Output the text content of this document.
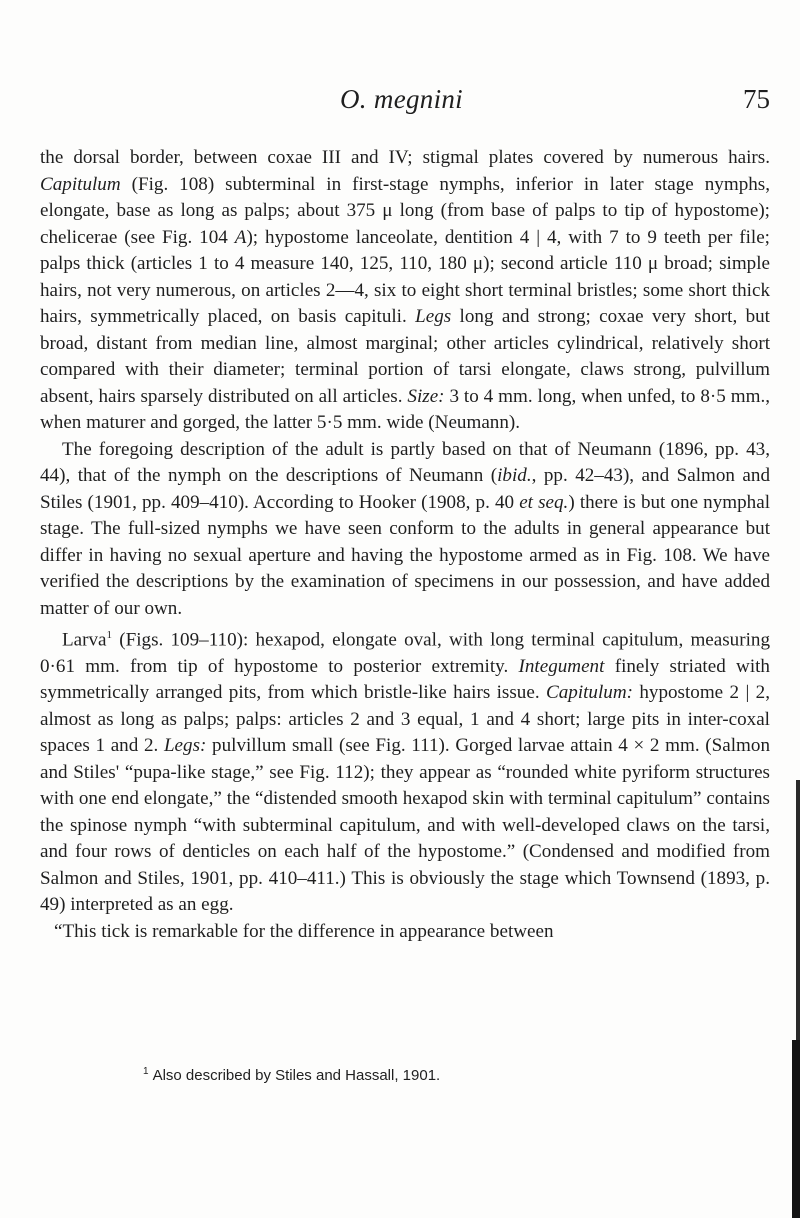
O. megnini	75

the dorsal border, between coxae III and IV; stigmal plates covered by numerous hairs. Capitulum (Fig. 108) subterminal in first-stage nymphs, inferior in later stage nymphs, elongate, base as long as palps; about 375 μ long (from base of palps to tip of hypostome); chelicerae (see Fig. 104 A); hypostome lanceolate, dentition 4 | 4, with 7 to 9 teeth per file; palps thick (articles 1 to 4 measure 140, 125, 110, 180 μ); second article 110 μ broad; simple hairs, not very numerous, on articles 2—4, six to eight short terminal bristles; some short thick hairs, symmetrically placed, on basis capituli. Legs long and strong; coxae very short, but broad, distant from median line, almost marginal; other articles cylindrical, relatively short compared with their diameter; terminal portion of tarsi elongate, claws strong, pulvillum absent, hairs sparsely distributed on all articles. Size: 3 to 4 mm. long, when unfed, to 8·5 mm., when maturer and gorged, the latter 5·5 mm. wide (Neumann).

The foregoing description of the adult is partly based on that of Neumann (1896, pp. 43, 44), that of the nymph on the descriptions of Neumann (ibid., pp. 42–43), and Salmon and Stiles (1901, pp. 409–410). According to Hooker (1908, p. 40 et seq.) there is but one nymphal stage. The full-sized nymphs we have seen conform to the adults in general appearance but differ in having no sexual aperture and having the hypostome armed as in Fig. 108. We have verified the descriptions by the examination of specimens in our possession, and have added matter of our own.

Larva$^1$ (Figs. 109–110): hexapod, elongate oval, with long terminal capitulum, measuring 0·61 mm. from tip of hypostome to posterior extremity. Integument finely striated with symmetrically arranged pits, from which bristle-like hairs issue. Capitulum: hypostome 2 | 2, almost as long as palps; palps: articles 2 and 3 equal, 1 and 4 short; large pits in inter-coxal spaces 1 and 2. Legs: pulvillum small (see Fig. 111). Gorged larvae attain 4 × 2 mm. (Salmon and Stiles' “pupa-like stage,” see Fig. 112); they appear as “rounded white pyriform structures with one end elongate,” the “distended smooth hexapod skin with terminal capitulum” contains the spinose nymph “with subterminal capitulum, and with well-developed claws on the tarsi, and four rows of denticles on each half of the hypostome.” (Condensed and modified from Salmon and Stiles, 1901, pp. 410–411.) This is obviously the stage which Townsend (1893, p. 49) interpreted as an egg.

“This tick is remarkable for the difference in appearance between

$^1$ Also described by Stiles and Hassall, 1901.
